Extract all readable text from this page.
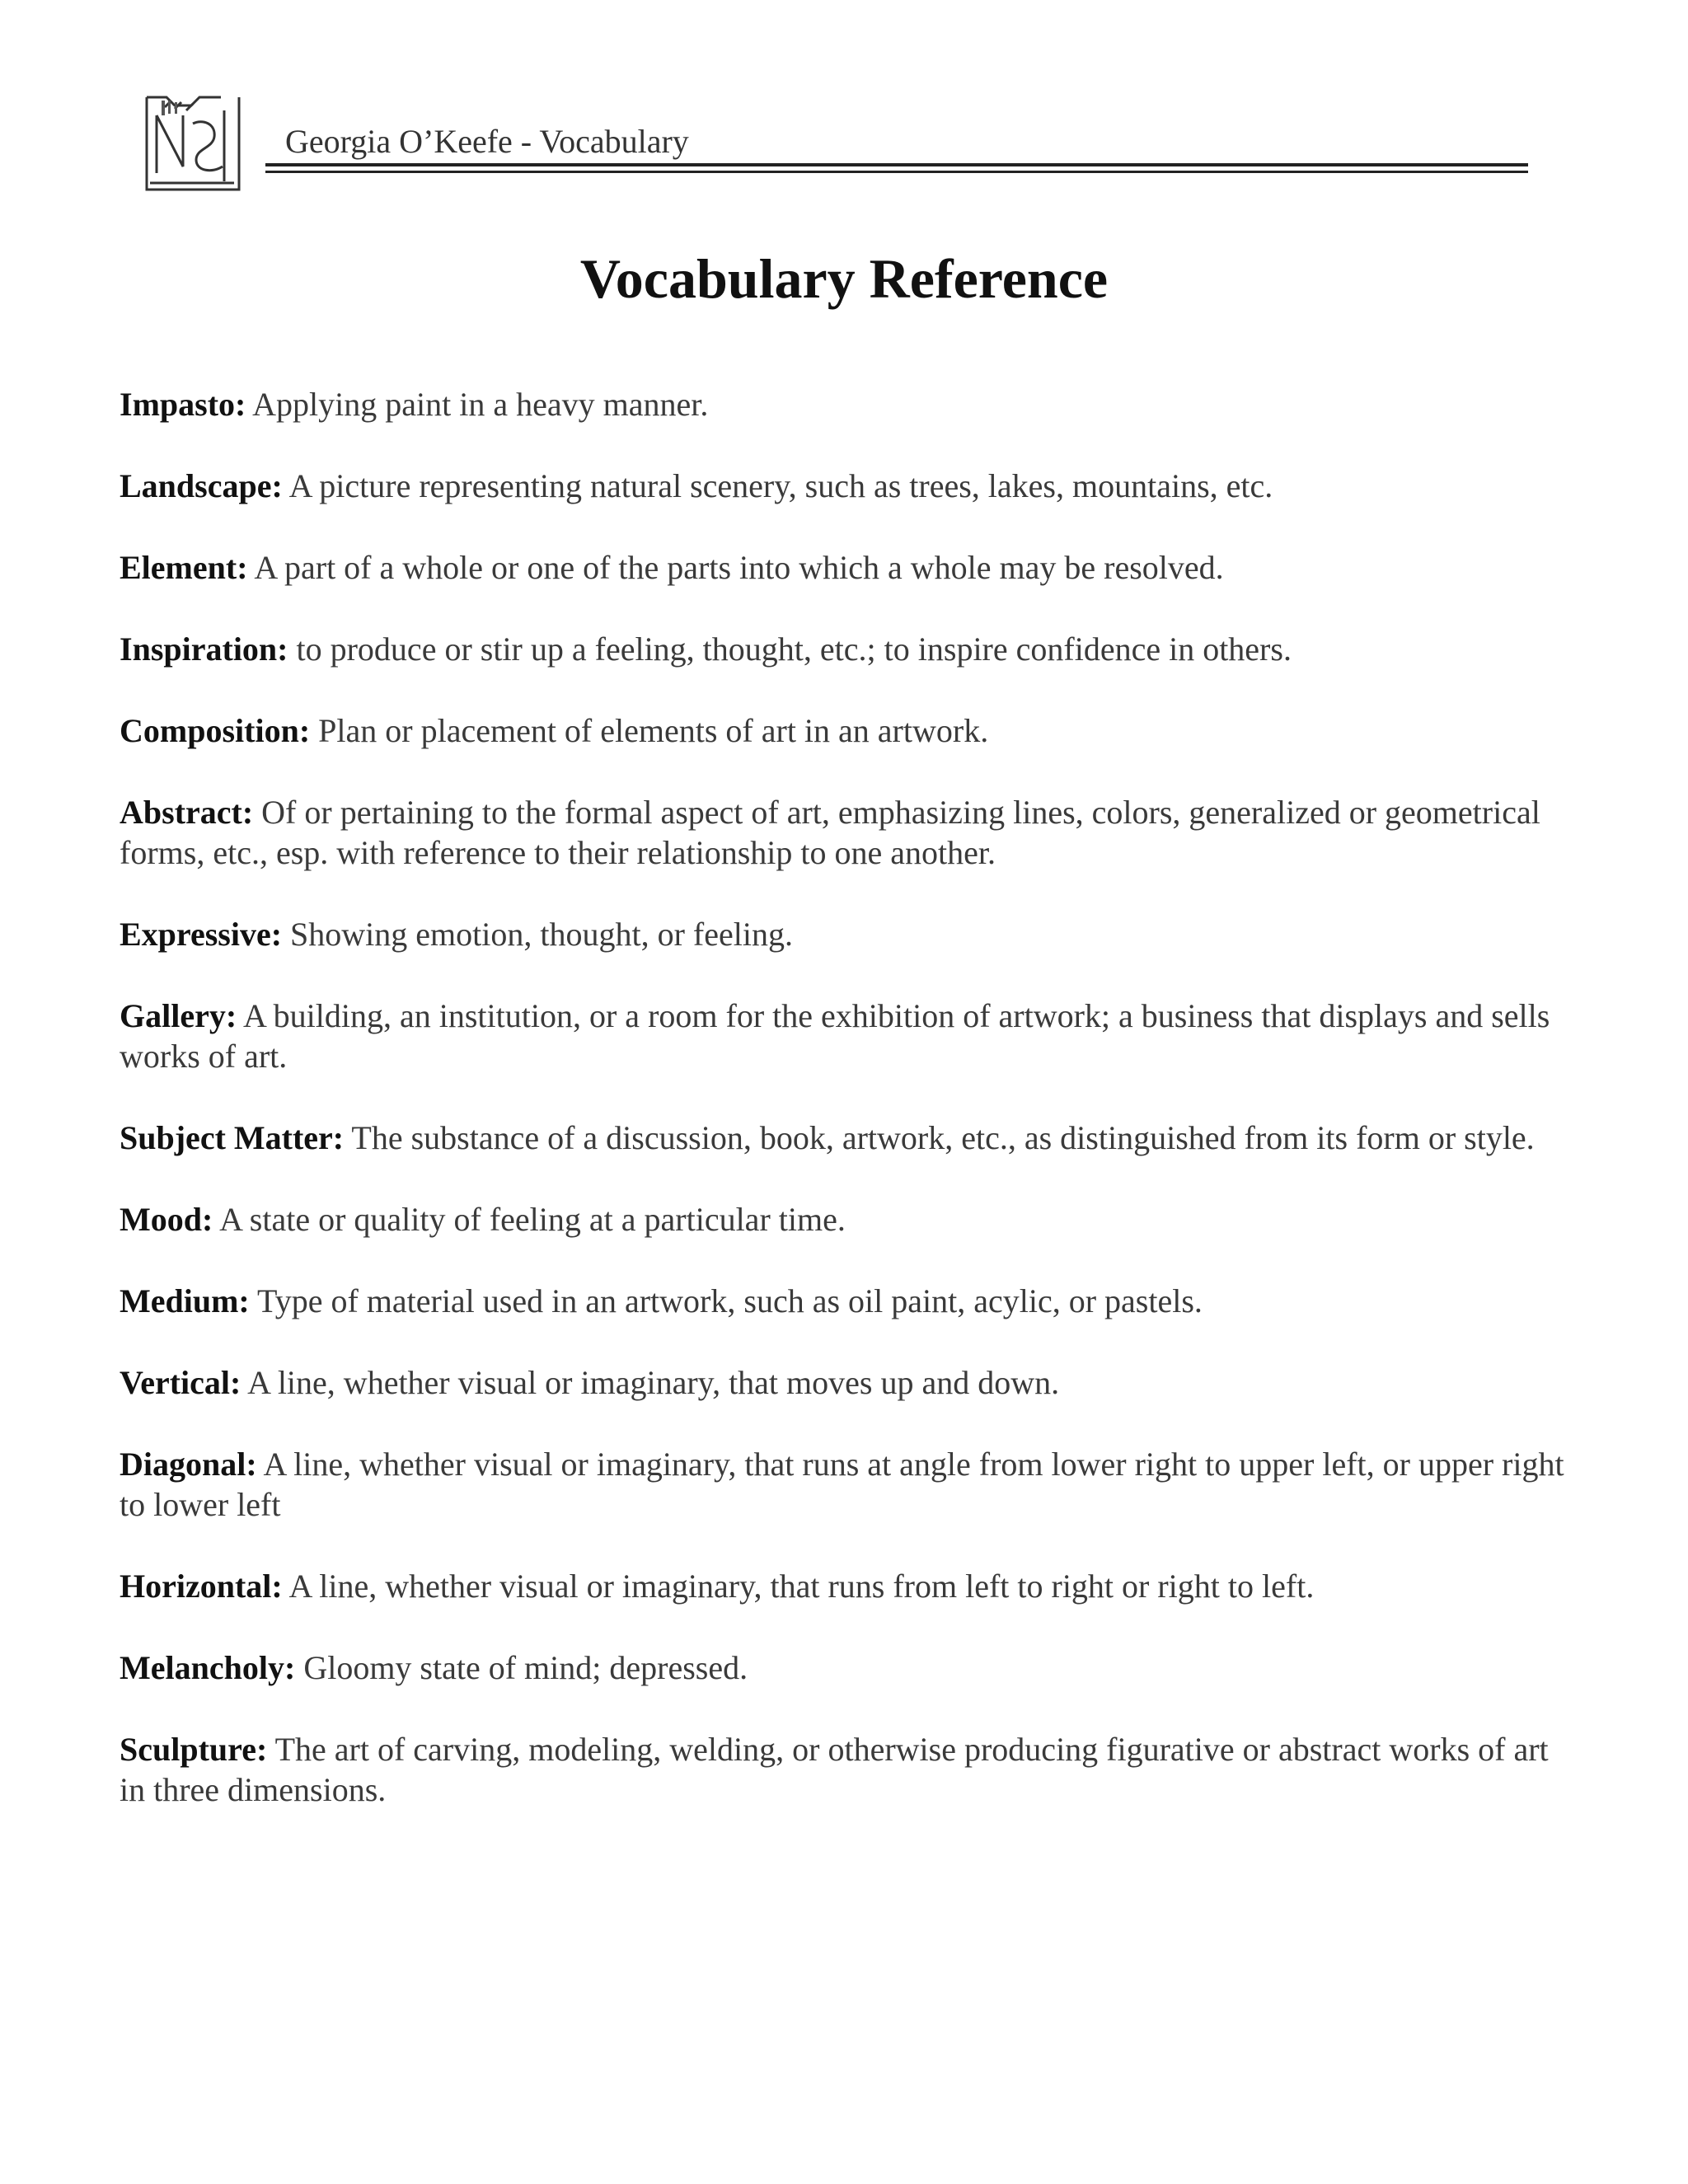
Georgia O’Keefe - Vocabulary
Vocabulary Reference
Impasto: Applying paint in a heavy manner.
Landscape: A picture representing natural scenery, such as trees, lakes, mountains, etc.
Element: A part of a whole or one of the parts into which a whole may be resolved.
Inspiration: to produce or stir up a feeling, thought, etc.; to inspire confidence in others.
Composition: Plan or placement of elements of art in an artwork.
Abstract: Of or pertaining to the formal aspect of art, emphasizing lines, colors, generalized or geometrical forms, etc., esp. with reference to their relationship to one another.
Expressive: Showing emotion, thought, or feeling.
Gallery: A building, an institution, or a room for the exhibition of artwork; a business that displays and sells works of art.
Subject Matter: The substance of a discussion, book, artwork, etc., as distinguished from its form or style.
Mood: A state or quality of feeling at a particular time.
Medium: Type of material used in an artwork, such as oil paint, acylic, or pastels.
Vertical: A line, whether visual or imaginary, that moves up and down.
Diagonal: A line, whether visual or imaginary, that runs at angle from lower right to upper left, or upper right to lower left
Horizontal: A line, whether visual or imaginary, that runs from left to right or right to left.
Melancholy: Gloomy state of mind; depressed.
Sculpture: The art of carving, modeling, welding, or otherwise producing figurative or abstract works of art in three dimensions.
